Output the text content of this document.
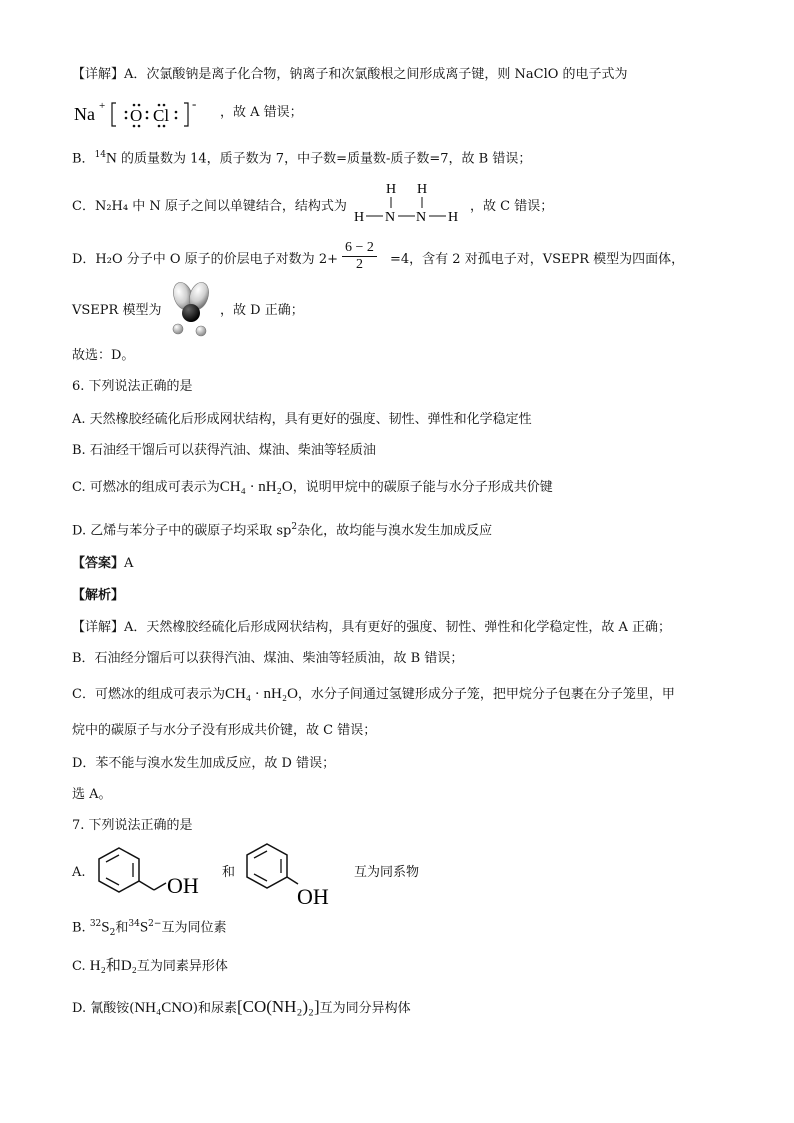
【详解】A．次氯酸钠是离子化合物，钠离子和次氯酸根之间形成离子键，则 NaClO 的电子式为
Na + O Cl
-
，故 A 错误；
B．$^{14}$N 的质量数为 14，质子数为 7，中子数=质量数-质子数=7，故 B 错误；
C．N₂H₄ 中 N 原子之间以单键结合，结构式为
H H
H N N H
，故 C 错误；
D．H₂O 分子中 O 原子的价层电子对数为 $2+ \frac{6 - 2}{2} =4$，含有 2 对孤电子对，VSEPR 模型为四面体，
VSEPR 模型为	，故 D 正确；
故选：D。
6. 下列说法正确的是
A. 天然橡胶经硫化后形成网状结构，具有更好的强度、韧性、弹性和化学稳定性
B. 石油经干馏后可以获得汽油、煤油、柴油等轻质油
C. 可燃冰的组成可表示为CH₄ · nH₂O，说明甲烷中的碳原子能与水分子形成共价键
D. 乙烯与苯分子中的碳原子均采取 $sp^2$杂化，故均能与溴水发生加成反应
【答案】A
【解析】
【详解】A．天然橡胶经硫化后形成网状结构，具有更好的强度、韧性、弹性和化学稳定性，故 A 正确；
B．石油经分馏后可以获得汽油、煤油、柴油等轻质油，故 B 错误；
C．可燃冰的组成可表示为CH₄ · nH₂O，水分子间通过氢键形成分子笼，把甲烷分子包裹在分子笼里，甲
烷中的碳原子与水分子没有形成共价键，故 C 错误；
D．苯不能与溴水发生加成反应，故 D 错误；
选 A。
7. 下列说法正确的是
A.
OH
和
OH
互为同系物
B. $^{32}S_2$和$^{34}S^{2-}$互为同位素
C. H₂和D₂互为同素异形体
D. 氰酸铵(NH₄CNO)和尿素[CO(NH₂)₂]互为同分异构体
